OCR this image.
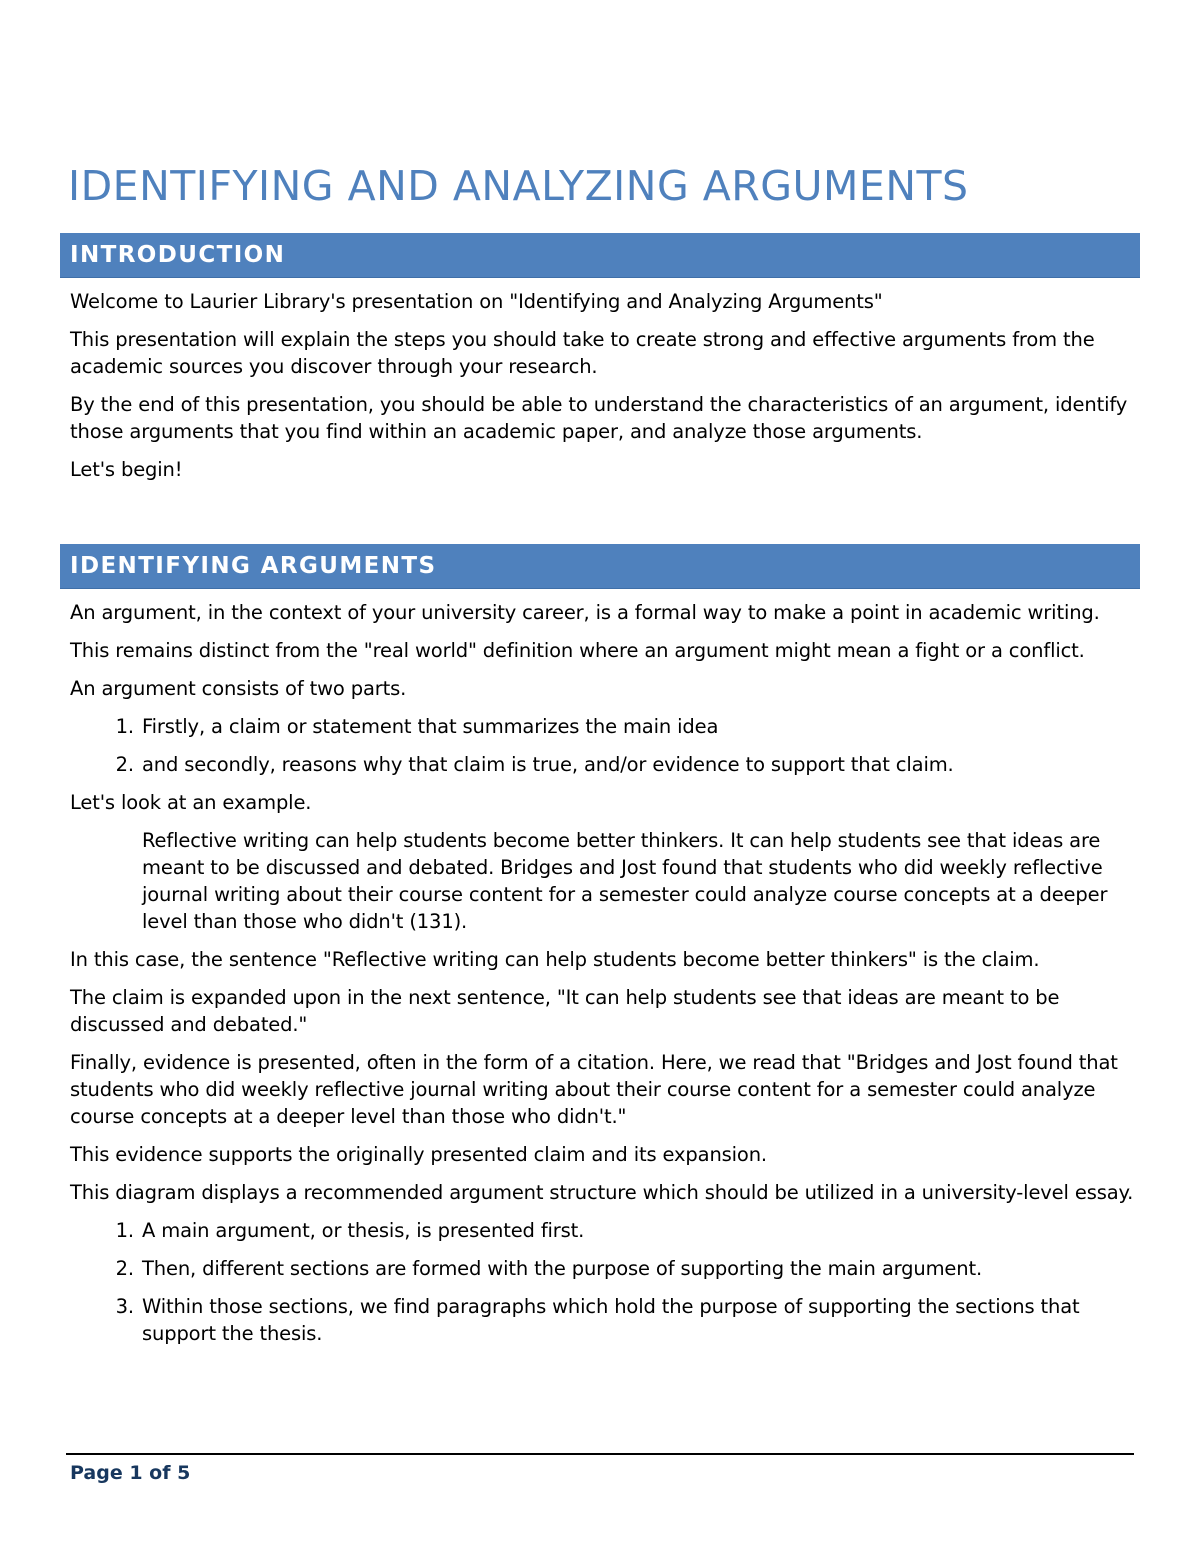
IDENTIFYING AND ANALYZING ARGUMENTS
INTRODUCTION

Welcome to Laurier Library's presentation on "Identifying and Analyzing Arguments"

This presentation will explain the steps you should take to create strong and effective arguments from the academic sources you discover through your research.

By the end of this presentation, you should be able to understand the characteristics of an argument, identify those arguments that you find within an academic paper, and analyze those arguments.

Let's begin!

IDENTIFYING ARGUMENTS

An argument, in the context of your university career, is a formal way to make a point in academic writing.

This remains distinct from the "real world" definition where an argument might mean a fight or a conflict.

An argument consists of two parts.

1. Firstly, a claim or statement that summarizes the main idea
2. and secondly, reasons why that claim is true, and/or evidence to support that claim.

Let's look at an example.

Reflective writing can help students become better thinkers. It can help students see that ideas are meant to be discussed and debated. Bridges and Jost found that students who did weekly reflective journal writing about their course content for a semester could analyze course concepts at a deeper level than those who didn't (131).

In this case, the sentence "Reflective writing can help students become better thinkers" is the claim.

The claim is expanded upon in the next sentence, "It can help students see that ideas are meant to be discussed and debated."

Finally, evidence is presented, often in the form of a citation. Here, we read that "Bridges and Jost found that students who did weekly reflective journal writing about their course content for a semester could analyze course concepts at a deeper level than those who didn't."

This evidence supports the originally presented claim and its expansion.

This diagram displays a recommended argument structure which should be utilized in a university-level essay.

1. A main argument, or thesis, is presented first.
2. Then, different sections are formed with the purpose of supporting the main argument.
3. Within those sections, we find paragraphs which hold the purpose of supporting the sections that support the thesis.
Page 1 of 5
